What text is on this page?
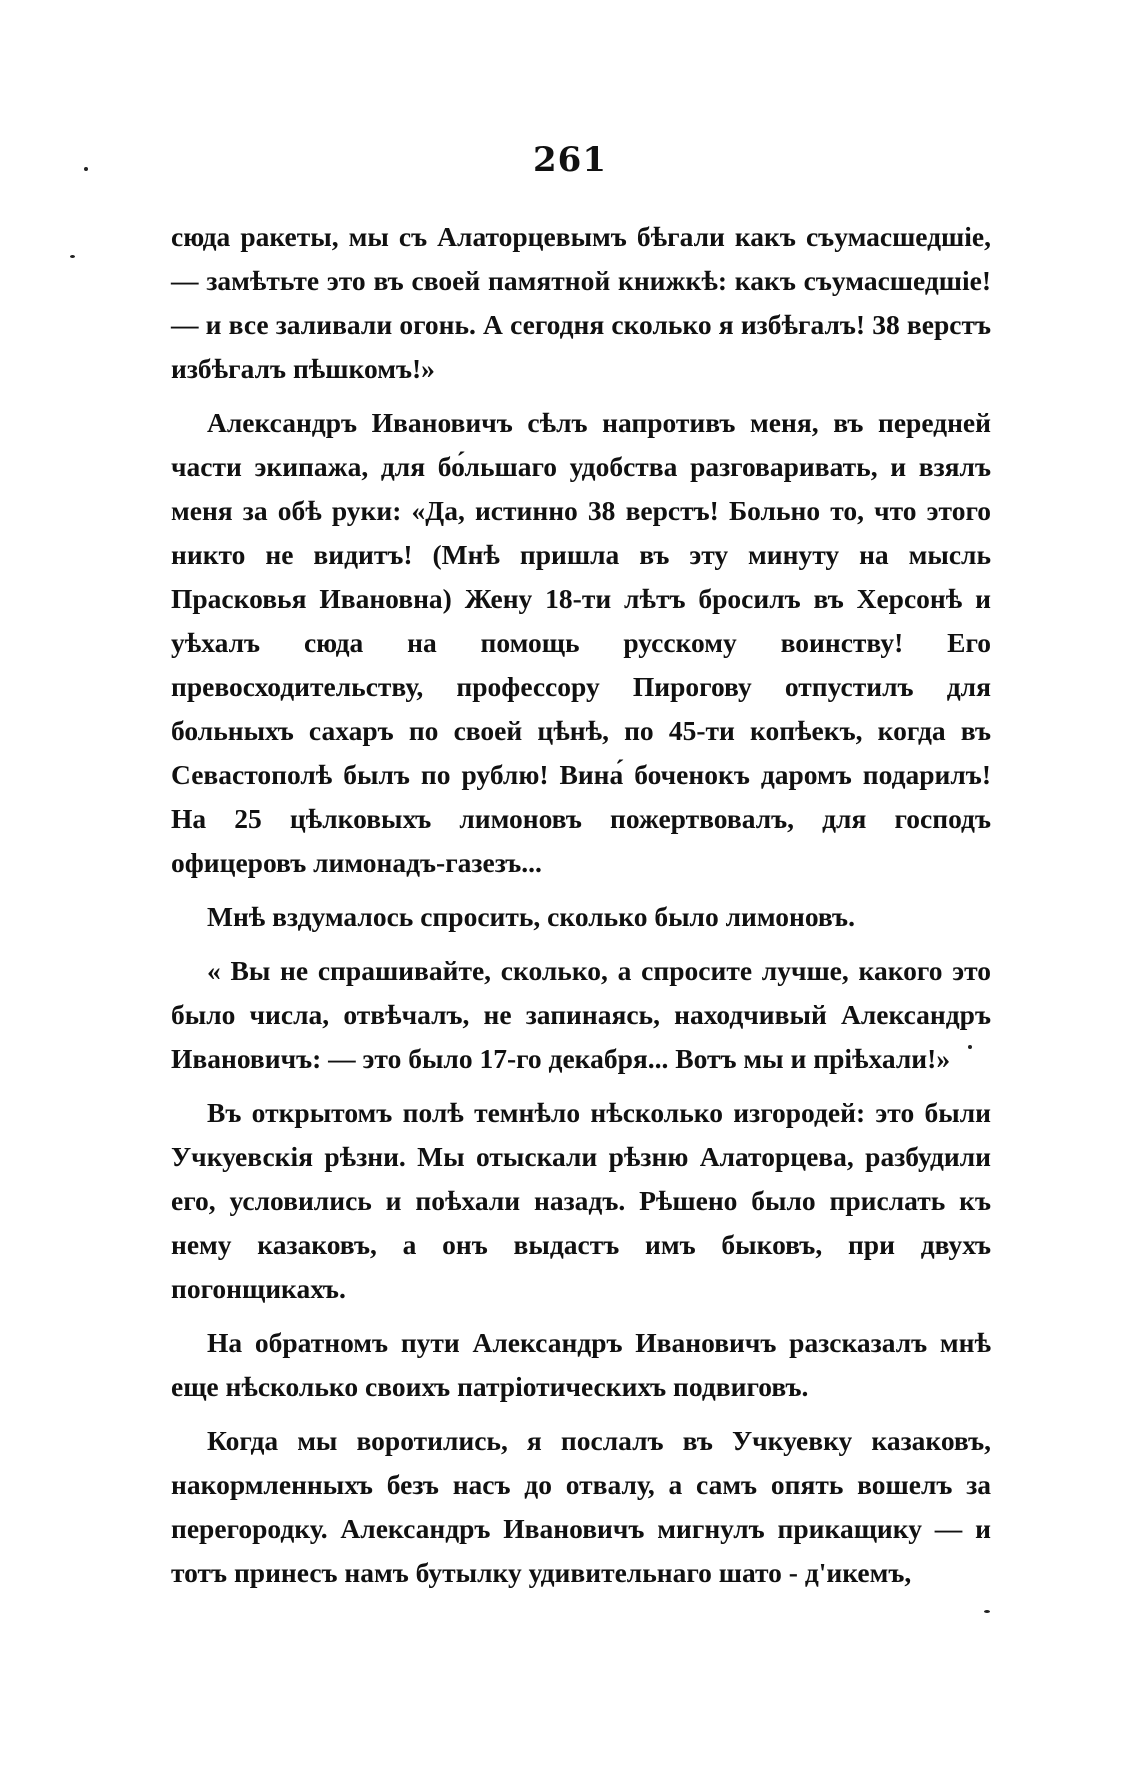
261

сюда ракеты, мы съ Алаторцевымъ бѣгали какъ съумасшедшіе, — замѣтьте это въ своей памятной книжкѣ: какъ съумасшедшіе! — и все заливали огонь. А сегодня сколько я избѣгалъ! 38 верстъ избѣгалъ пѣшкомъ!»

Александръ Ивановичъ сѣлъ напротивъ меня, въ передней части экипажа, для бо́льшаго удобства разговаривать, и взялъ меня за обѣ руки: «Да, истинно 38 верстъ! Больно то, что этого никто не видитъ! (Мнѣ пришла въ эту минуту на мысль Прасковья Ивановна) Жену 18-ти лѣтъ бросилъ въ Херсонѣ и уѣхалъ сюда на помощь русскому воинству! Его превосходительству, профессору Пирогову отпустилъ для больныхъ сахаръ по своей цѣнѣ, по 45-ти копѣекъ, когда въ Севастополѣ былъ по рублю! Вина́ боченокъ даромъ подарилъ! На 25 цѣлковыхъ лимоновъ пожертвовалъ, для господъ офицеровъ лимонадъ-газезъ...

Мнѣ вздумалось спросить, сколько было лимоновъ.

« Вы не спрашивайте, сколько, а спросите лучше, какого это было числа, отвѣчалъ, не запинаясь, находчивый Александръ Ивановичъ: — это было 17-го декабря... Вотъ мы и пріѣхали!»

Въ открытомъ полѣ темнѣло нѣсколько изгородей: это были Учкуевскія рѣзни. Мы отыскали рѣзню Алаторцева, разбудили его, условились и поѣхали назадъ. Рѣшено было прислать къ нему казаковъ, а онъ выдастъ имъ быковъ, при двухъ погонщикахъ.

На обратномъ пути Александръ Ивановичъ разсказалъ мнѣ еще нѣсколько своихъ патріотическихъ подвиговъ.

Когда мы воротились, я послалъ въ Учкуевку казаковъ, накормленныхъ безъ насъ до отвалу, а самъ опять вошелъ за перегородку. Александръ Ивановичъ мигнулъ прикащику — и тотъ принесъ намъ бутылку удивительнаго шато - д'икемъ,
